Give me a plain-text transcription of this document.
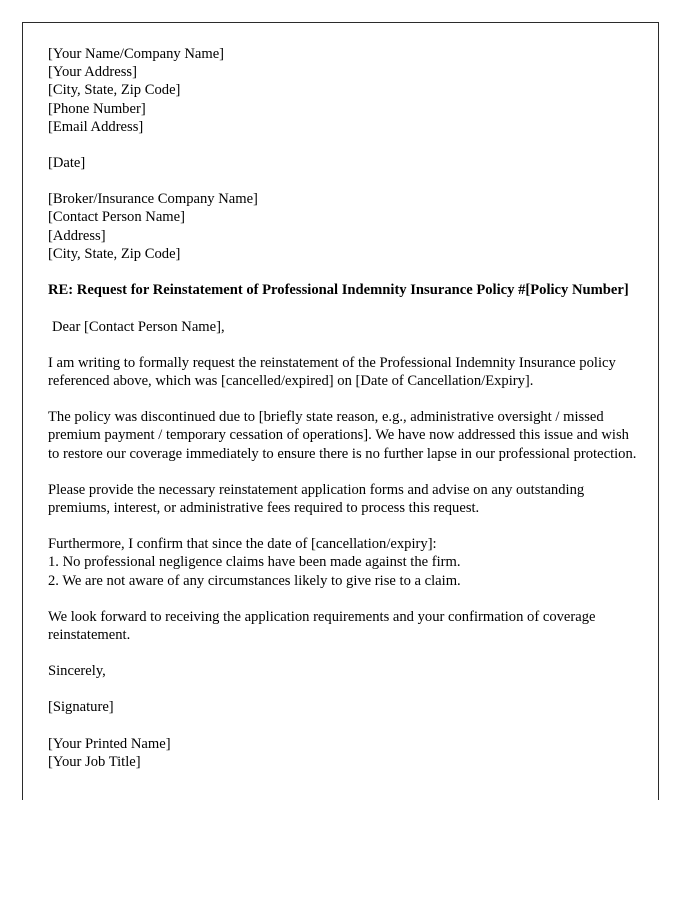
[Your Name/Company Name]
[Your Address]
[City, State, Zip Code]
[Phone Number]
[Email Address]
[Date]
[Broker/Insurance Company Name]
[Contact Person Name]
[Address]
[City, State, Zip Code]

RE: Request for Reinstatement of Professional Indemnity Insurance Policy #[Policy Number]

Dear [Contact Person Name],

I am writing to formally request the reinstatement of the Professional Indemnity Insurance policy referenced above, which was [cancelled/expired] on [Date of Cancellation/Expiry].

The policy was discontinued due to [briefly state reason, e.g., administrative oversight / missed premium payment / temporary cessation of operations]. We have now addressed this issue and wish to restore our coverage immediately to ensure there is no further lapse in our professional protection.

Please provide the necessary reinstatement application forms and advise on any outstanding premiums, interest, or administrative fees required to process this request.

Furthermore, I confirm that since the date of [cancellation/expiry]:
1. No professional negligence claims have been made against the firm.
2. We are not aware of any circumstances likely to give rise to a claim.

We look forward to receiving the application requirements and your confirmation of coverage reinstatement.

Sincerely,

[Signature]

[Your Printed Name]
[Your Job Title]
